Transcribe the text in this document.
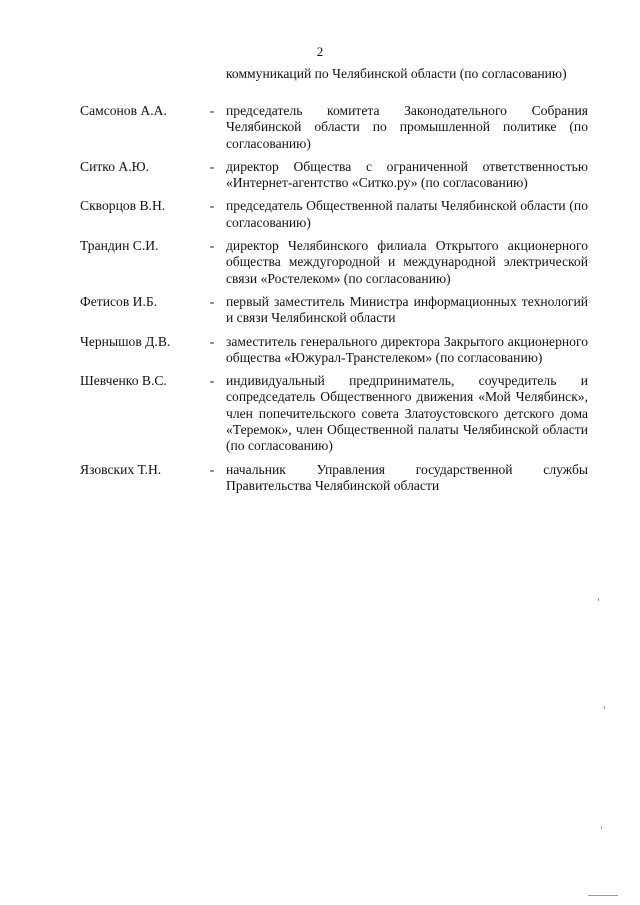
2
коммуникаций по Челябинской области (по согласованию)
Самсонов А.А.	- председатель комитета Законодательного Собрания Челябинской области по промышленной политике (по согласованию)
Ситко А.Ю.	- директор Общества с ограниченной ответственностью «Интернет-агентство «Ситко.ру» (по согласованию)
Скворцов В.Н.	- председатель Общественной палаты Челябинской области (по согласованию)
Трандин С.И.	- директор Челябинского филиала Открытого акционерного общества междугородной и международной электрической связи «Ростелеком» (по согласованию)
Фетисов И.Б.	- первый заместитель Министра информационных технологий и связи Челябинской области
Чернышов Д.В.	- заместитель генерального директора Закрытого акционерного общества «Южурал-Транстелеком» (по согласованию)
Шевченко В.С.	- индивидуальный предприниматель, соучредитель и сопредседатель Общественного движения «Мой Челябинск», член попечительского совета Златоустовского детского дома «Теремок», член Общественной палаты Челябинской области (по согласованию)
Язовских Т.Н.	- начальник Управления государственной службы Правительства Челябинской области
